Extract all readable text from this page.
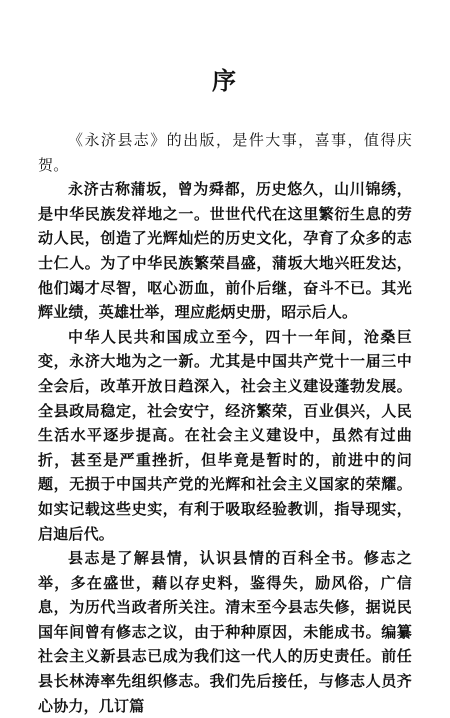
序

《永济县志》的出版，是件大事，喜事，值得庆贺。

永济古称蒲坂，曾为舜都，历史悠久，山川锦绣，是中华民族发祥地之一。世世代代在这里繁衍生息的劳动人民，创造了光辉灿烂的历史文化，孕育了众多的志士仁人。为了中华民族繁荣昌盛，蒲坂大地兴旺发达，他们竭才尽智，呕心沥血，前仆后继，奋斗不已。其光辉业绩，英雄壮举，理应彪炳史册，昭示后人。

中华人民共和国成立至今，四十一年间，沧桑巨变，永济大地为之一新。尤其是中国共产党十一届三中全会后，改革开放日趋深入，社会主义建设蓬勃发展。全县政局稳定，社会安宁，经济繁荣，百业俱兴，人民生活水平逐步提高。在社会主义建设中，虽然有过曲折，甚至是严重挫折，但毕竟是暂时的，前进中的问题，无损于中国共产党的光辉和社会主义国家的荣耀。如实记载这些史实，有利于吸取经验教训，指导现实，启迪后代。

县志是了解县情，认识县情的百科全书。修志之举，多在盛世，藉以存史料，鉴得失，励风俗，广信息，为历代当政者所关注。清末至今县志失修，据说民国年间曾有修志之议，由于种种原因，未能成书。编纂社会主义新县志已成为我们这一代人的历史责任。前任县长林涛率先组织修志。我们先后接任，与修志人员齐心协力，几订篇
